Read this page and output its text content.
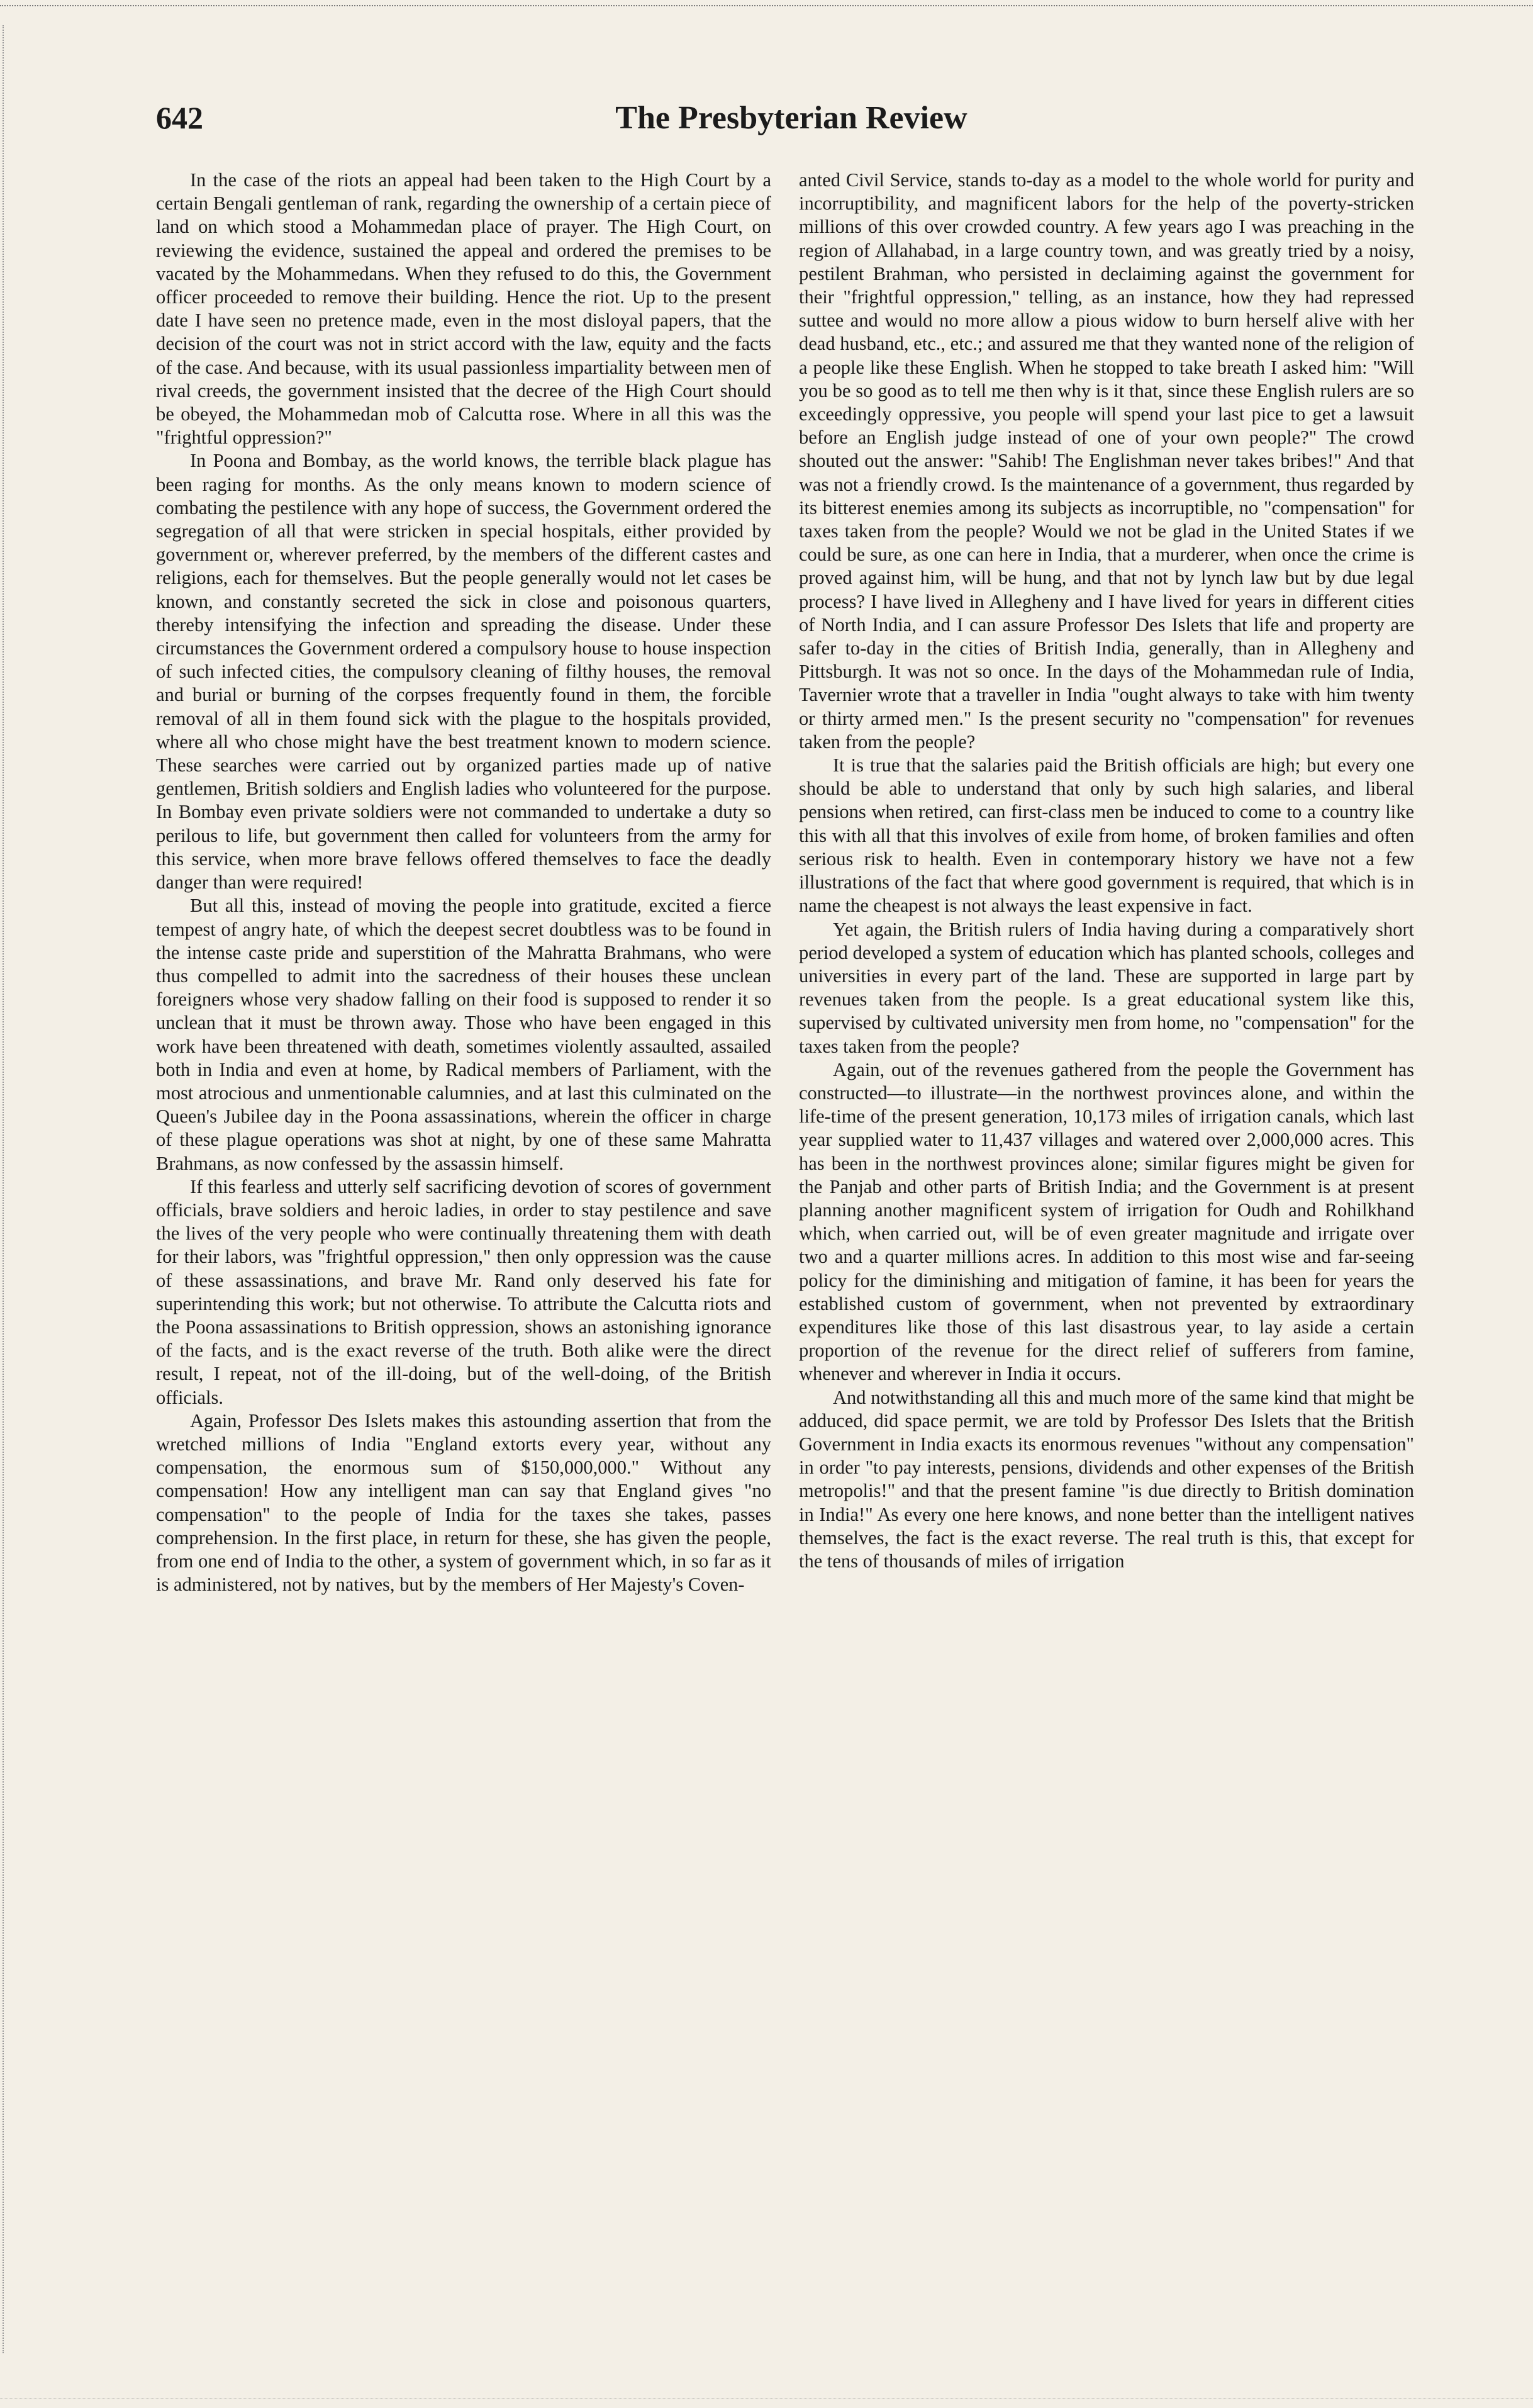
642	The Presbyterian Review

In the case of the riots an appeal had been taken to the High Court by a certain Bengali gentleman of rank, regarding the ownership of a certain piece of land on which stood a Mohammedan place of prayer. The High Court, on reviewing the evidence, sustained the appeal and ordered the premises to be vacated by the Mohammedans. When they refused to do this, the Government officer proceeded to remove their building. Hence the riot. Up to the present date I have seen no pretence made, even in the most disloyal papers, that the decision of the court was not in strict accord with the law, equity and the facts of the case. And because, with its usual passionless impartiality between men of rival creeds, the government insisted that the decree of the High Court should be obeyed, the Mohammedan mob of Calcutta rose. Where in all this was the "frightful oppression?"

In Poona and Bombay, as the world knows, the terrible black plague has been raging for months. As the only means known to modern science of combating the pestilence with any hope of success, the Government ordered the segregation of all that were stricken in special hospitals, either provided by government or, wherever preferred, by the members of the different castes and religions, each for themselves. But the people generally would not let cases be known, and constantly secreted the sick in close and poisonous quarters, thereby intensifying the infection and spreading the disease. Under these circumstances the Government ordered a compulsory house to house inspection of such infected cities, the compulsory cleaning of filthy houses, the removal and burial or burning of the corpses frequently found in them, the forcible removal of all in them found sick with the plague to the hospitals provided, where all who chose might have the best treatment known to modern science. These searches were carried out by organized parties made up of native gentlemen, British soldiers and English ladies who volunteered for the purpose. In Bombay even private soldiers were not commanded to undertake a duty so perilous to life, but government then called for volunteers from the army for this service, when more brave fellows offered themselves to face the deadly danger than were required!

But all this, instead of moving the people into gratitude, excited a fierce tempest of angry hate, of which the deepest secret doubtless was to be found in the intense caste pride and superstition of the Mahratta Brahmans, who were thus compelled to admit into the sacredness of their houses these unclean foreigners whose very shadow falling on their food is supposed to render it so unclean that it must be thrown away. Those who have been engaged in this work have been threatened with death, sometimes violently assaulted, assailed both in India and even at home, by Radical members of Parliament, with the most atrocious and unmentionable calumnies, and at last this culminated on the Queen's Jubilee day in the Poona assassinations, wherein the officer in charge of these plague operations was shot at night, by one of these same Mahratta Brahmans, as now confessed by the assassin himself.

If this fearless and utterly self sacrificing devotion of scores of government officials, brave soldiers and heroic ladies, in order to stay pestilence and save the lives of the very people who were continually threatening them with death for their labors, was "frightful oppression," then only oppression was the cause of these assassinations, and brave Mr. Rand only deserved his fate for superintending this work; but not otherwise. To attribute the Calcutta riots and the Poona assassinations to British oppression, shows an astonishing ignorance of the facts, and is the exact reverse of the truth. Both alike were the direct result, I repeat, not of the ill-doing, but of the well-doing, of the British officials.

Again, Professor Des Islets makes this astounding assertion that from the wretched millions of India "England extorts every year, without any compensation, the enormous sum of $150,000,000." Without any compensation! How any intelligent man can say that England gives "no compensation" to the people of India for the taxes she takes, passes comprehension. In the first place, in return for these, she has given the people, from one end of India to the other, a system of government which, in so far as it is administered, not by natives, but by the members of Her Majesty's Coven-

anted Civil Service, stands to-day as a model to the whole world for purity and incorruptibility, and magnificent labors for the help of the poverty-stricken millions of this over crowded country. A few years ago I was preaching in the region of Allahabad, in a large country town, and was greatly tried by a noisy, pestilent Brahman, who persisted in declaiming against the government for their "frightful oppression," telling, as an instance, how they had repressed suttee and would no more allow a pious widow to burn herself alive with her dead husband, etc., etc.; and assured me that they wanted none of the religion of a people like these English. When he stopped to take breath I asked him: "Will you be so good as to tell me then why is it that, since these English rulers are so exceedingly oppressive, you people will spend your last pice to get a lawsuit before an English judge instead of one of your own people?" The crowd shouted out the answer: "Sahib! The Englishman never takes bribes!" And that was not a friendly crowd. Is the maintenance of a government, thus regarded by its bitterest enemies among its subjects as incorruptible, no "compensation" for taxes taken from the people? Would we not be glad in the United States if we could be sure, as one can here in India, that a murderer, when once the crime is proved against him, will be hung, and that not by lynch law but by due legal process? I have lived in Allegheny and I have lived for years in different cities of North India, and I can assure Professor Des Islets that life and property are safer to-day in the cities of British India, generally, than in Allegheny and Pittsburgh. It was not so once. In the days of the Mohammedan rule of India, Tavernier wrote that a traveller in India "ought always to take with him twenty or thirty armed men." Is the present security no "compensation" for revenues taken from the people?

It is true that the salaries paid the British officials are high; but every one should be able to understand that only by such high salaries, and liberal pensions when retired, can first-class men be induced to come to a country like this with all that this involves of exile from home, of broken families and often serious risk to health. Even in contemporary history we have not a few illustrations of the fact that where good government is required, that which is in name the cheapest is not always the least expensive in fact.

Yet again, the British rulers of India having during a comparatively short period developed a system of education which has planted schools, colleges and universities in every part of the land. These are supported in large part by revenues taken from the people. Is a great educational system like this, supervised by cultivated university men from home, no "compensation" for the taxes taken from the people?

Again, out of the revenues gathered from the people the Government has constructed—to illustrate—in the northwest provinces alone, and within the life-time of the present generation, 10,173 miles of irrigation canals, which last year supplied water to 11,437 villages and watered over 2,000,000 acres. This has been in the northwest provinces alone; similar figures might be given for the Panjab and other parts of British India; and the Government is at present planning another magnificent system of irrigation for Oudh and Rohilkhand which, when carried out, will be of even greater magnitude and irrigate over two and a quarter millions acres. In addition to this most wise and far-seeing policy for the diminishing and mitigation of famine, it has been for years the established custom of government, when not prevented by extraordinary expenditures like those of this last disastrous year, to lay aside a certain proportion of the revenue for the direct relief of sufferers from famine, whenever and wherever in India it occurs.

And notwithstanding all this and much more of the same kind that might be adduced, did space permit, we are told by Professor Des Islets that the British Government in India exacts its enormous revenues "without any compensation" in order "to pay interests, pensions, dividends and other expenses of the British metropolis!" and that the present famine "is due directly to British domination in India!" As every one here knows, and none better than the intelligent natives themselves, the fact is the exact reverse. The real truth is this, that except for the tens of thousands of miles of irrigation
